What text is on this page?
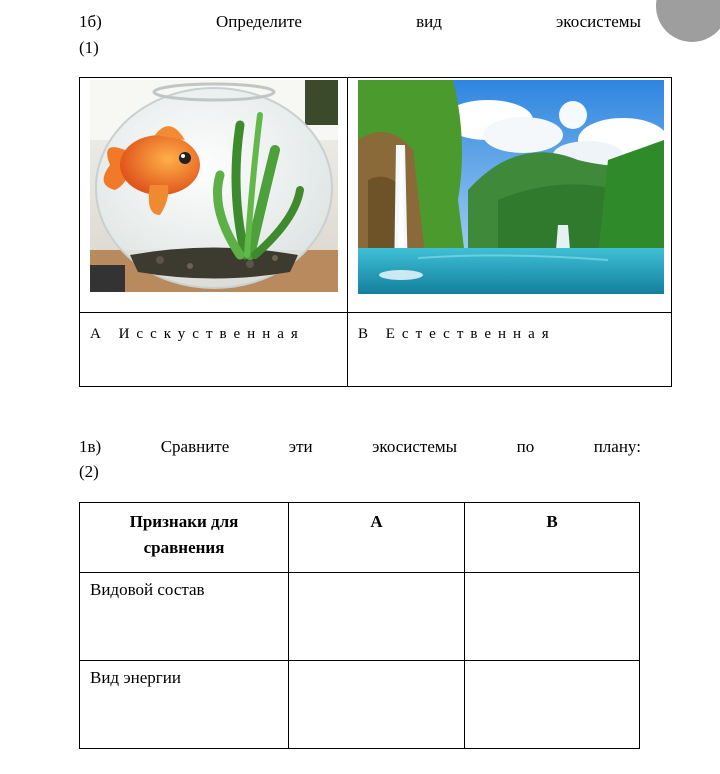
1б)	Определите	вид	экосистемы
(1)

А Исскуственная	В Естественная
1в)	Сравните	эти	экосистемы	по	плану:
(2)
Признаки для сравнения	А	В
Видовой состав		
Вид энергии		
